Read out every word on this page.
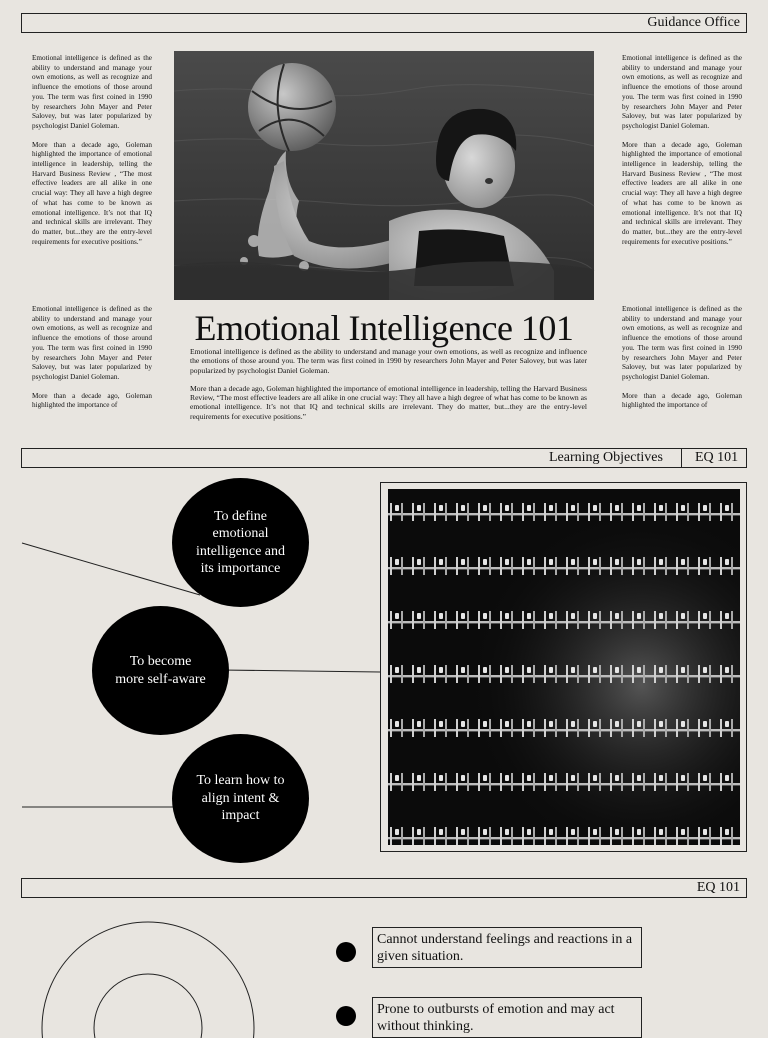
Guidance Office

Emotional intelligence is defined as the ability to understand and manage your own emotions, as well as recognize and influence the emotions of those around you. The term was first coined in 1990 by researchers John Mayer and Peter Salovey, but was later popularized by psychologist Daniel Goleman.

More than a decade ago, Goleman highlighted the importance of emotional intelligence in leadership, telling the Harvard Business Review , “The most effective leaders are all alike in one crucial way: They all have a high degree of what has come to be known as emotional intelligence. It’s not that IQ and technical skills are irrelevant. They do matter, but...they are the entry-level requirements for executive positions.”

Emotional intelligence is defined as the ability to understand and manage your own emotions, as well as recognize and influence the emotions of those around you. The term was first coined in 1990 by researchers John Mayer and Peter Salovey, but was later popularized by psychologist Daniel Goleman.

More than a decade ago, Goleman highlighted the importance of

Emotional intelligence is defined as the ability to understand and manage your own emotions, as well as recognize and influence the emotions of those around you. The term was first coined in 1990 by researchers John Mayer and Peter Salovey, but was later popularized by psychologist Daniel Goleman.

More than a decade ago, Goleman highlighted the importance of emotional intelligence in leadership, telling the Harvard Business Review , “The most effective leaders are all alike in one crucial way: They all have a high degree of what has come to be known as emotional intelligence. It’s not that IQ and technical skills are irrelevant. They do matter, but...they are the entry-level requirements for executive positions.”

Emotional intelligence is defined as the ability to understand and manage your own emotions, as well as recognize and influence the emotions of those around you. The term was first coined in 1990 by researchers John Mayer and Peter Salovey, but was later popularized by psychologist Daniel Goleman.

More than a decade ago, Goleman highlighted the importance of

Emotional Intelligence 101

Emotional intelligence is defined as the ability to understand and manage your own emotions, as well as recognize and influence the emotions of those around you. The term was first coined in 1990 by researchers John Mayer and Peter Salovey, but was later popularized by psychologist Daniel Goleman.

More than a decade ago, Goleman highlighted the importance of emotional intelligence in leadership, telling the Harvard Business Review, “The most effective leaders are all alike in one crucial way: They all have a high degree of what has come to be known as emotional intelligence. It’s not that IQ and technical skills are irrelevant. They do matter, but...they are the entry-level requirements for executive positions.”

Learning Objectives EQ 101
To define emotional intelligence and its importance
To become more self-aware
To learn how to align intent & impact
EQ 101
Cannot understand feelings and reactions in a given situation.
Prone to outbursts of emotion and may act without thinking.
